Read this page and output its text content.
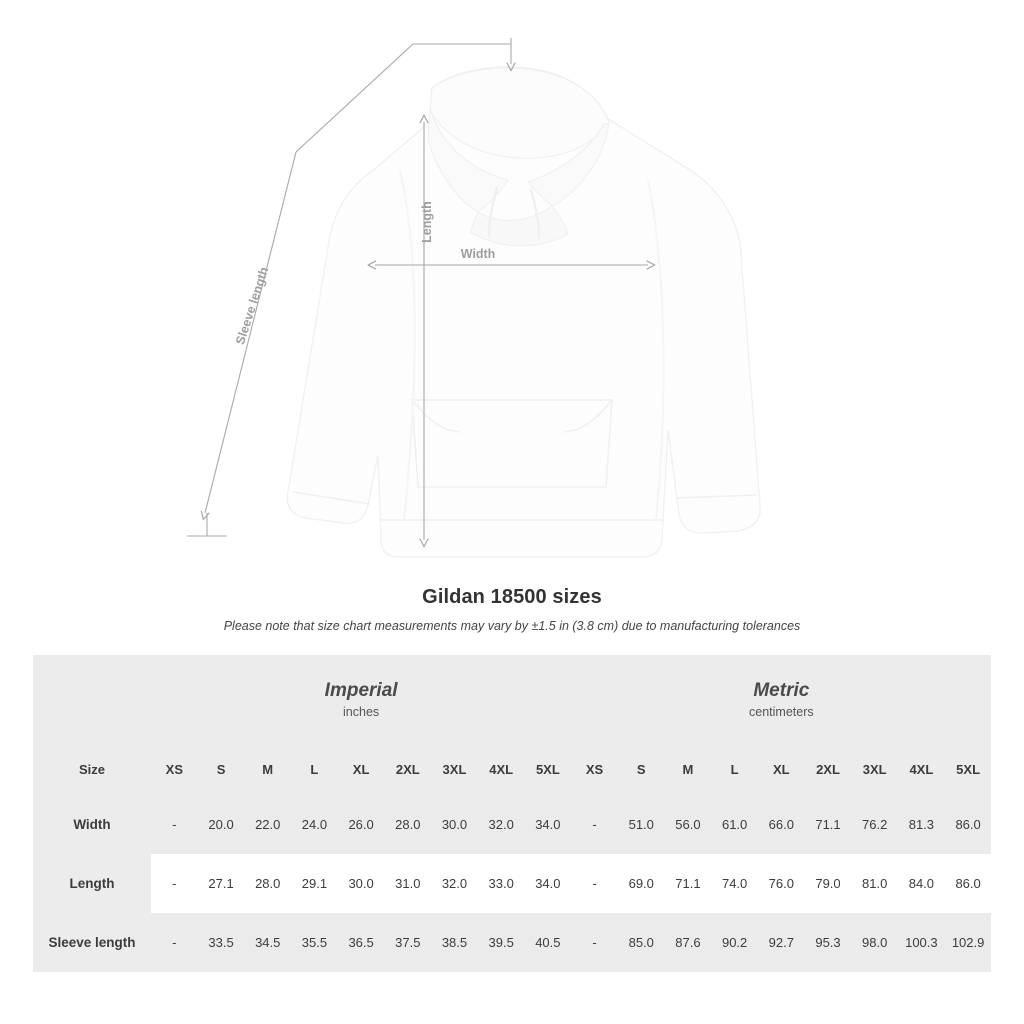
Length
Width
Sleeve length
Gildan 18500 sizes
Please note that size chart measurements may vary by ±1.5 in (3.8 cm) due to manufacturing tolerances

	Imperial
inches									Metric
centimeters								

Size	XS	S	M	L	XL	2XL	3XL	4XL	5XL	XS	S	M	L	XL	2XL	3XL	4XL	5XL
Width	-	20.0	22.0	24.0	26.0	28.0	30.0	32.0	34.0	-	51.0	56.0	61.0	66.0	71.1	76.2	81.3	86.0
Length	-	27.1	28.0	29.1	30.0	31.0	32.0	33.0	34.0	-	69.0	71.1	74.0	76.0	79.0	81.0	84.0	86.0
Sleeve length	-	33.5	34.5	35.5	36.5	37.5	38.5	39.5	40.5	-	85.0	87.6	90.2	92.7	95.3	98.0	100.3	102.9
